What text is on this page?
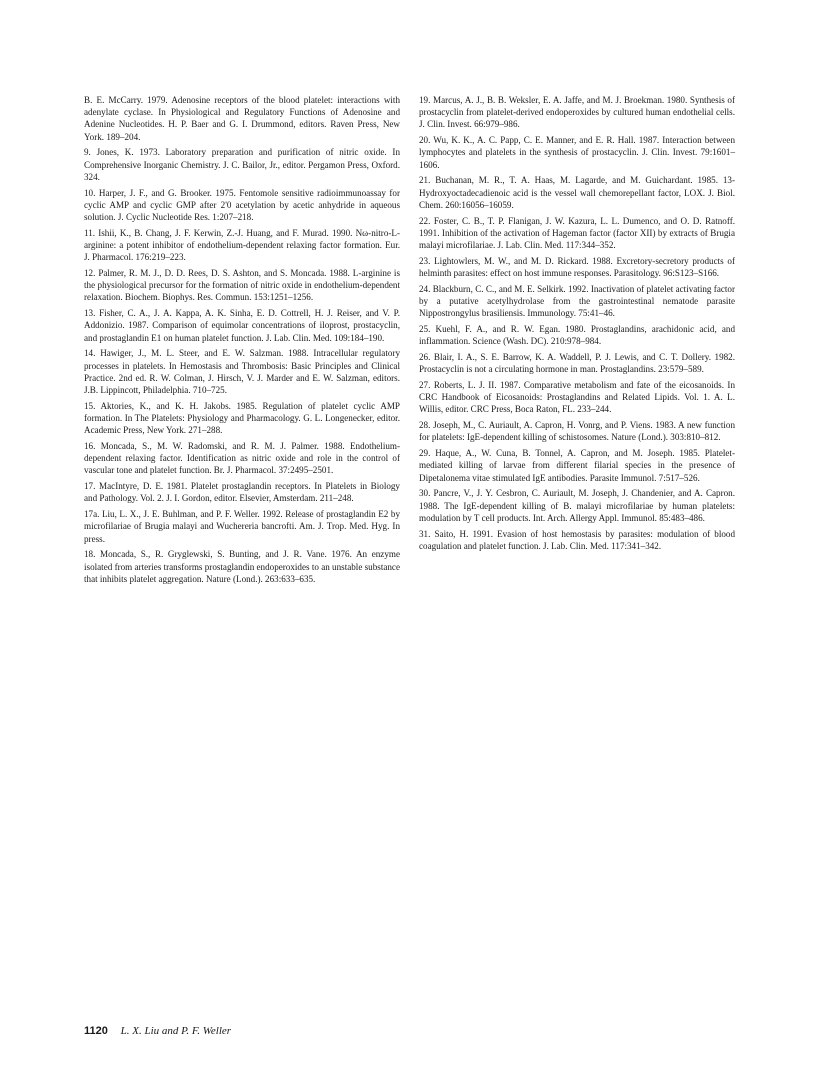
B. E. McCarry. 1979. Adenosine receptors of the blood platelet: interactions with adenylate cyclase. In Physiological and Regulatory Functions of Adenosine and Adenine Nucleotides. H. P. Baer and G. I. Drummond, editors. Raven Press, New York. 189–204.

9. Jones, K. 1973. Laboratory preparation and purification of nitric oxide. In Comprehensive Inorganic Chemistry. J. C. Bailor, Jr., editor. Pergamon Press, Oxford. 324.

10. Harper, J. F., and G. Brooker. 1975. Fentomole sensitive radioimmunoassay for cyclic AMP and cyclic GMP after 2'0 acetylation by acetic anhydride in aqueous solution. J. Cyclic Nucleotide Res. 1:207–218.

11. Ishii, K., B. Chang, J. F. Kerwin, Z.-J. Huang, and F. Murad. 1990. Nω-nitro-L-arginine: a potent inhibitor of endothelium-dependent relaxing factor formation. Eur. J. Pharmacol. 176:219–223.

12. Palmer, R. M. J., D. D. Rees, D. S. Ashton, and S. Moncada. 1988. L-arginine is the physiological precursor for the formation of nitric oxide in endothelium-dependent relaxation. Biochem. Biophys. Res. Commun. 153:1251–1256.

13. Fisher, C. A., J. A. Kappa, A. K. Sinha, E. D. Cottrell, H. J. Reiser, and V. P. Addonizio. 1987. Comparison of equimolar concentrations of iloprost, prostacyclin, and prostaglandin E1 on human platelet function. J. Lab. Clin. Med. 109:184–190.

14. Hawiger, J., M. L. Steer, and E. W. Salzman. 1988. Intracellular regulatory processes in platelets. In Hemostasis and Thrombosis: Basic Principles and Clinical Practice. 2nd ed. R. W. Colman, J. Hirsch, V. J. Marder and E. W. Salzman, editors. J.B. Lippincott, Philadelphia. 710–725.

15. Aktories, K., and K. H. Jakobs. 1985. Regulation of platelet cyclic AMP formation. In The Platelets: Physiology and Pharmacology. G. L. Longenecker, editor. Academic Press, New York. 271–288.

16. Moncada, S., M. W. Radomski, and R. M. J. Palmer. 1988. Endothelium-dependent relaxing factor. Identification as nitric oxide and role in the control of vascular tone and platelet function. Br. J. Pharmacol. 37:2495–2501.

17. MacIntyre, D. E. 1981. Platelet prostaglandin receptors. In Platelets in Biology and Pathology. Vol. 2. J. I. Gordon, editor. Elsevier, Amsterdam. 211–248.

17a. Liu, L. X., J. E. Buhlman, and P. F. Weller. 1992. Release of prostaglandin E2 by microfilariae of Brugia malayi and Wuchereria bancrofti. Am. J. Trop. Med. Hyg. In press.

18. Moncada, S., R. Gryglewski, S. Bunting, and J. R. Vane. 1976. An enzyme isolated from arteries transforms prostaglandin endoperoxides to an unstable substance that inhibits platelet aggregation. Nature (Lond.). 263:633–635.

19. Marcus, A. J., B. B. Weksler, E. A. Jaffe, and M. J. Broekman. 1980. Synthesis of prostacyclin from platelet-derived endoperoxides by cultured human endothelial cells. J. Clin. Invest. 66:979–986.

20. Wu, K. K., A. C. Papp, C. E. Manner, and E. R. Hall. 1987. Interaction between lymphocytes and platelets in the synthesis of prostacyclin. J. Clin. Invest. 79:1601–1606.

21. Buchanan, M. R., T. A. Haas, M. Lagarde, and M. Guichardant. 1985. 13-Hydroxyoctadecadienoic acid is the vessel wall chemorepellant factor, LOX. J. Biol. Chem. 260:16056–16059.

22. Foster, C. B., T. P. Flanigan, J. W. Kazura, L. L. Dumenco, and O. D. Ratnoff. 1991. Inhibition of the activation of Hageman factor (factor XII) by extracts of Brugia malayi microfilariae. J. Lab. Clin. Med. 117:344–352.

23. Lightowlers, M. W., and M. D. Rickard. 1988. Excretory-secretory products of helminth parasites: effect on host immune responses. Parasitology. 96:S123–S166.

24. Blackburn, C. C., and M. E. Selkirk. 1992. Inactivation of platelet activating factor by a putative acetylhydrolase from the gastrointestinal nematode parasite Nippostrongylus brasiliensis. Immunology. 75:41–46.

25. Kuehl, F. A., and R. W. Egan. 1980. Prostaglandins, arachidonic acid, and inflammation. Science (Wash. DC). 210:978–984.

26. Blair, I. A., S. E. Barrow, K. A. Waddell, P. J. Lewis, and C. T. Dollery. 1982. Prostacyclin is not a circulating hormone in man. Prostaglandins. 23:579–589.

27. Roberts, L. J. II. 1987. Comparative metabolism and fate of the eicosanoids. In CRC Handbook of Eicosanoids: Prostaglandins and Related Lipids. Vol. 1. A. L. Willis, editor. CRC Press, Boca Raton, FL. 233–244.

28. Joseph, M., C. Auriault, A. Capron, H. Vonrg, and P. Viens. 1983. A new function for platelets: IgE-dependent killing of schistosomes. Nature (Lond.). 303:810–812.

29. Haque, A., W. Cuna, B. Tonnel, A. Capron, and M. Joseph. 1985. Platelet-mediated killing of larvae from different filarial species in the presence of Dipetalonema vitae stimulated IgE antibodies. Parasite Immunol. 7:517–526.

30. Pancre, V., J. Y. Cesbron, C. Auriault, M. Joseph, J. Chandenier, and A. Capron. 1988. The IgE-dependent killing of B. malayi microfilariae by human platelets: modulation by T cell products. Int. Arch. Allergy Appl. Immunol. 85:483–486.

31. Saito, H. 1991. Evasion of host hemostasis by parasites: modulation of blood coagulation and platelet function. J. Lab. Clin. Med. 117:341–342.

1120 L. X. Liu and P. F. Weller
